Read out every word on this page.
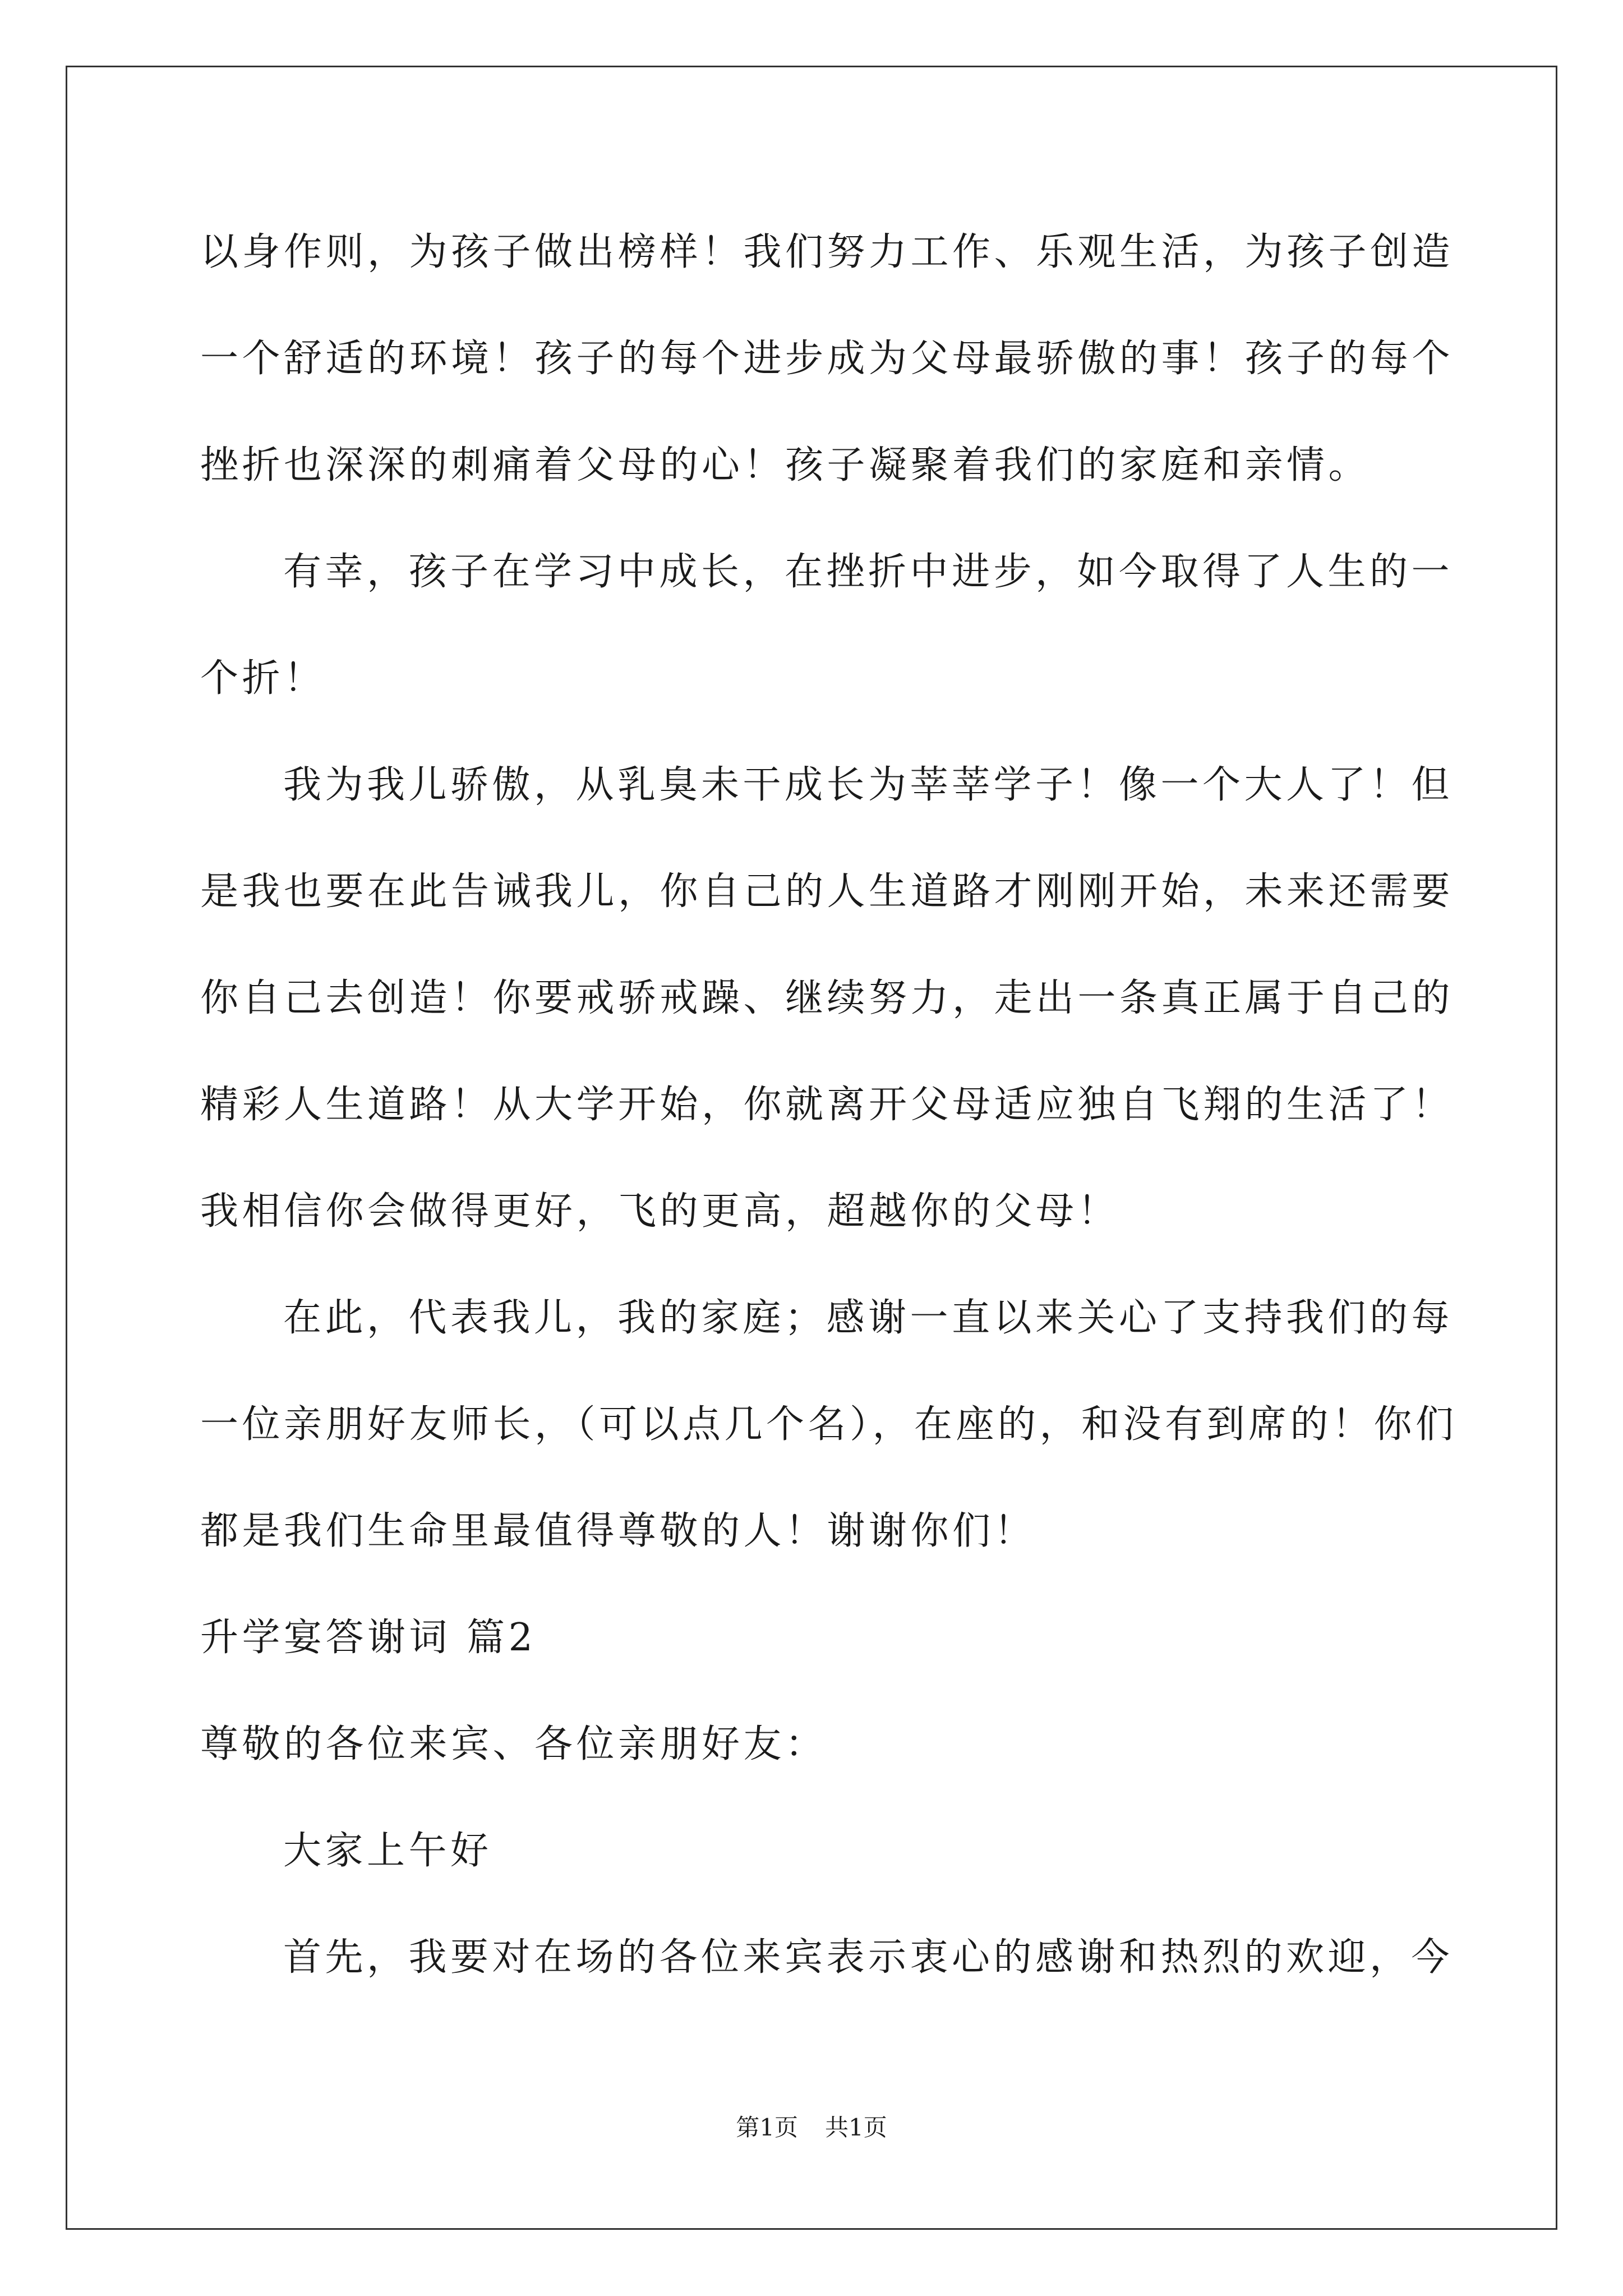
以身作则，为孩子做出榜样！我们努力工作、乐观生活，为孩子创造
一个舒适的环境！孩子的每个进步成为父母最骄傲的事！孩子的每个
挫折也深深的刺痛着父母的心！孩子凝聚着我们的家庭和亲情。
有幸，孩子在学习中成长，在挫折中进步，如今取得了人生的一
个折！
我为我儿骄傲，从乳臭未干成长为莘莘学子！像一个大人了！但
是我也要在此告诫我儿，你自己的人生道路才刚刚开始，未来还需要
你自己去创造！你要戒骄戒躁、继续努力，走出一条真正属于自己的
精彩人生道路！从大学开始，你就离开父母适应独自飞翔的生活了！
我相信你会做得更好，飞的更高，超越你的父母！
在此，代表我儿，我的家庭；感谢一直以来关心了支持我们的每
一位亲朋好友师长，（可以点几个名），在座的，和没有到席的！你们
都是我们生命里最值得尊敬的人！谢谢你们！
升学宴答谢词 篇2
尊敬的各位来宾、各位亲朋好友：
大家上午好
首先，我要对在场的各位来宾表示衷心的感谢和热烈的欢迎，今
第1页 共1页
